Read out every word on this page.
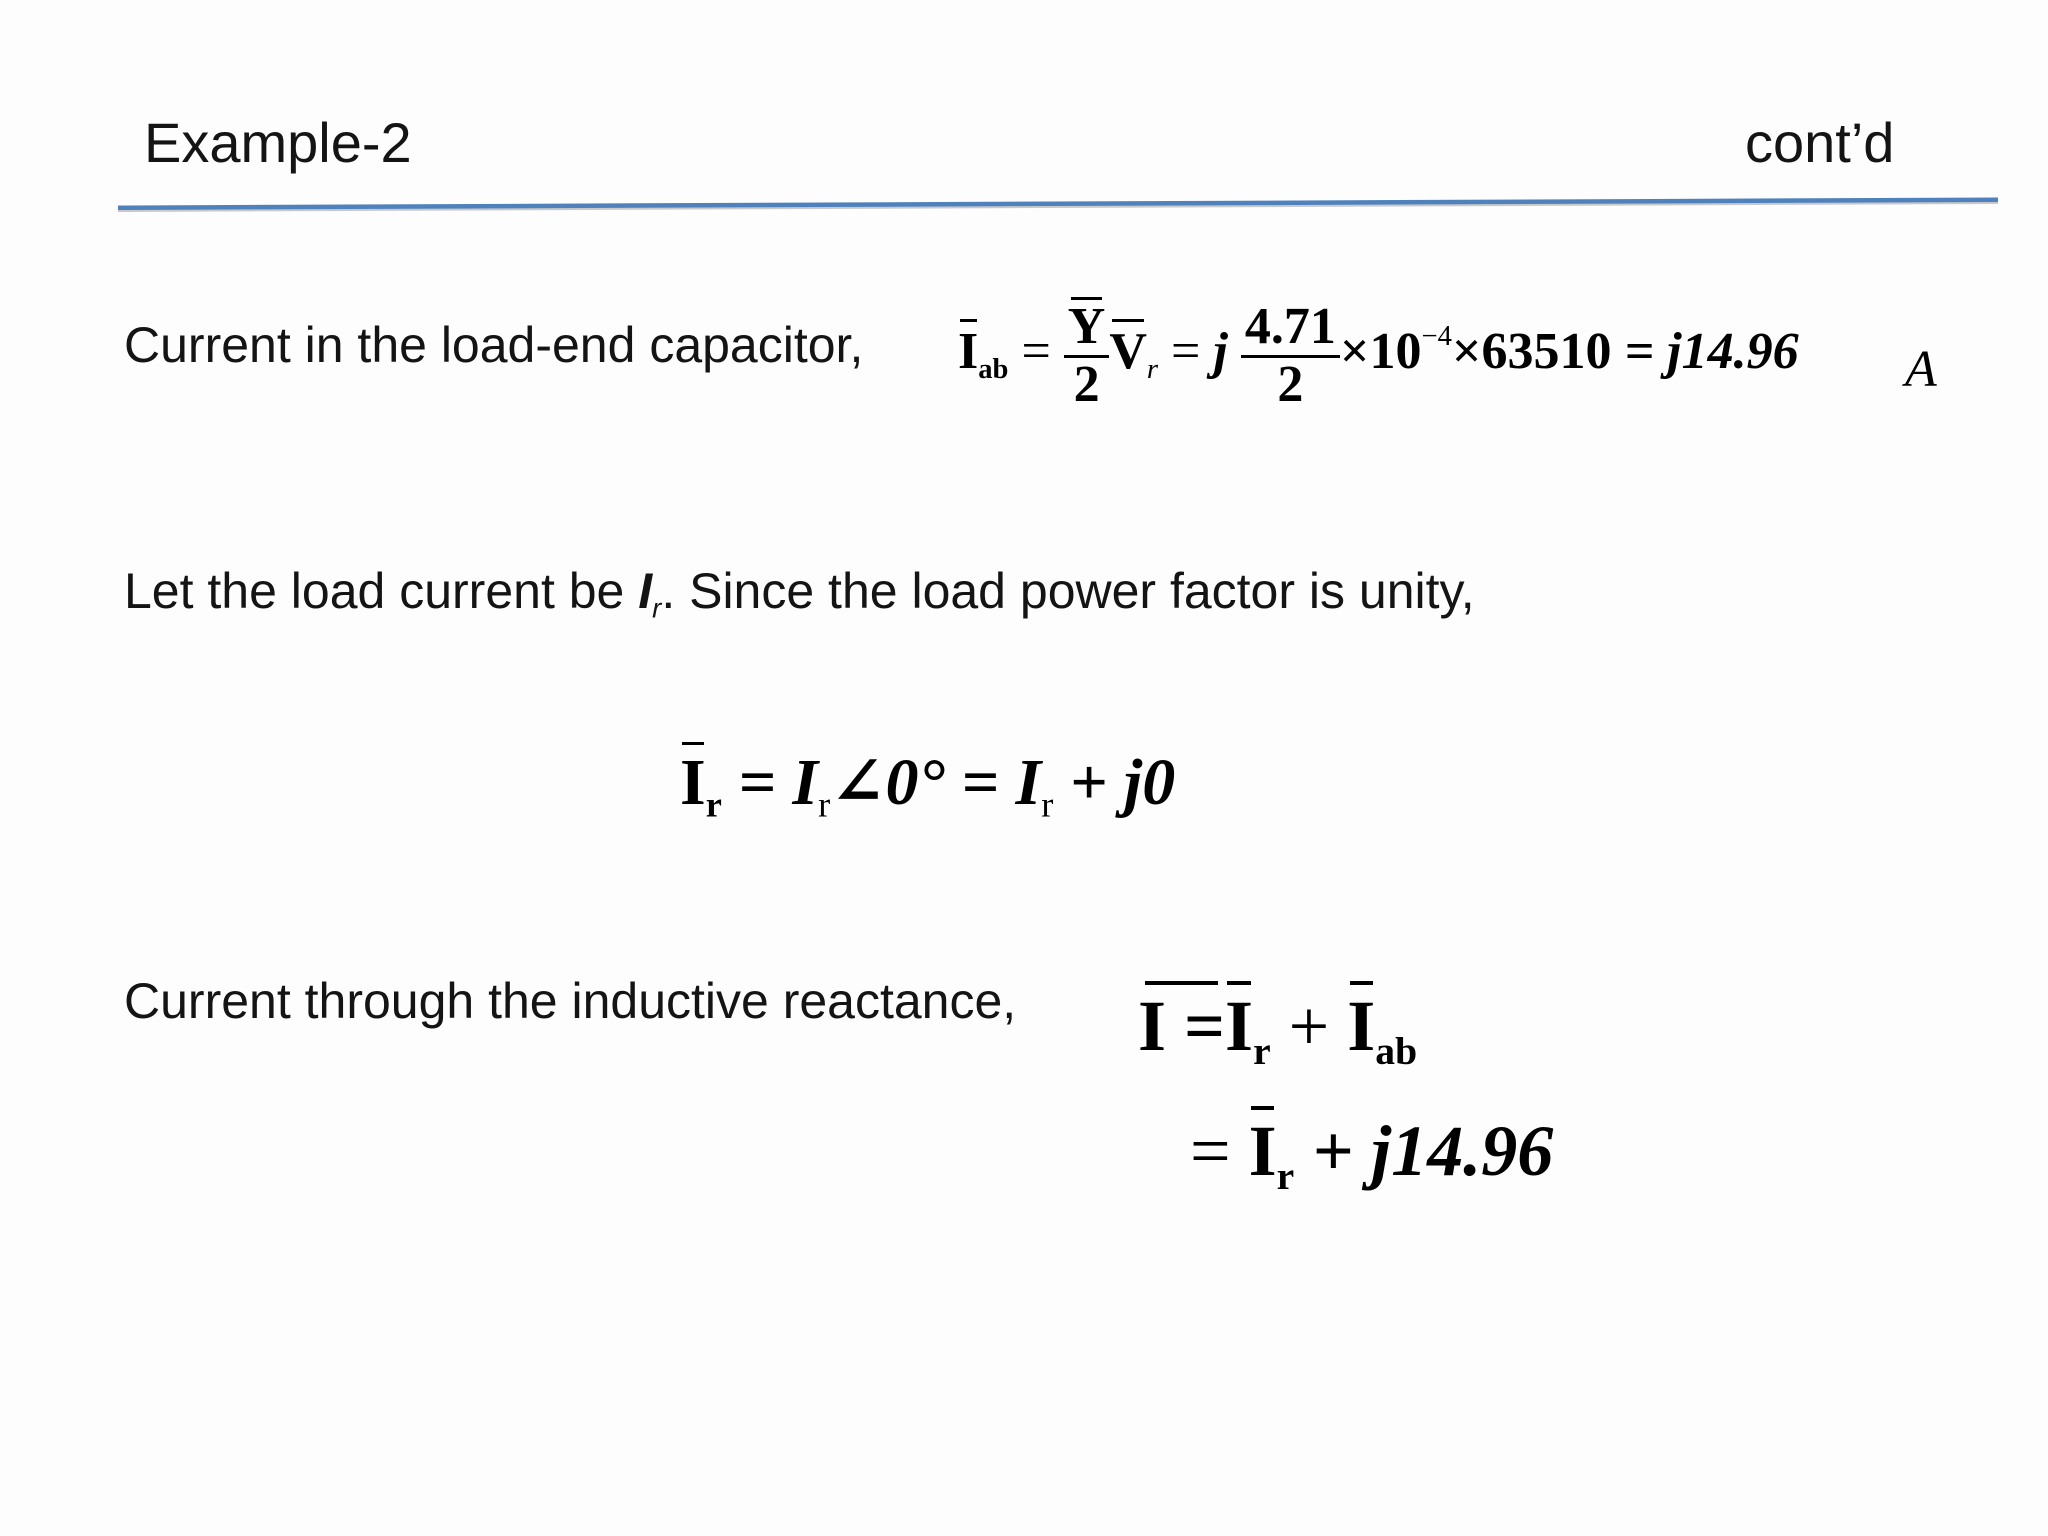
Example-2	cont’d
Current in the load-end capacitor, $I_{ab} = \frac{Y}{2} V_r = j \frac{4.71}{2} \times 10^{-4}\times 63510 = j14.96$ A
Let the load current be $I_r$. Since the load power factor is unity,
$I_r$ = $I_r\angle 0^\circ = I_r + j0$
Current through the inductive reactance, $I =I_r + I_{ab}$
= $I_r + j14.96$
